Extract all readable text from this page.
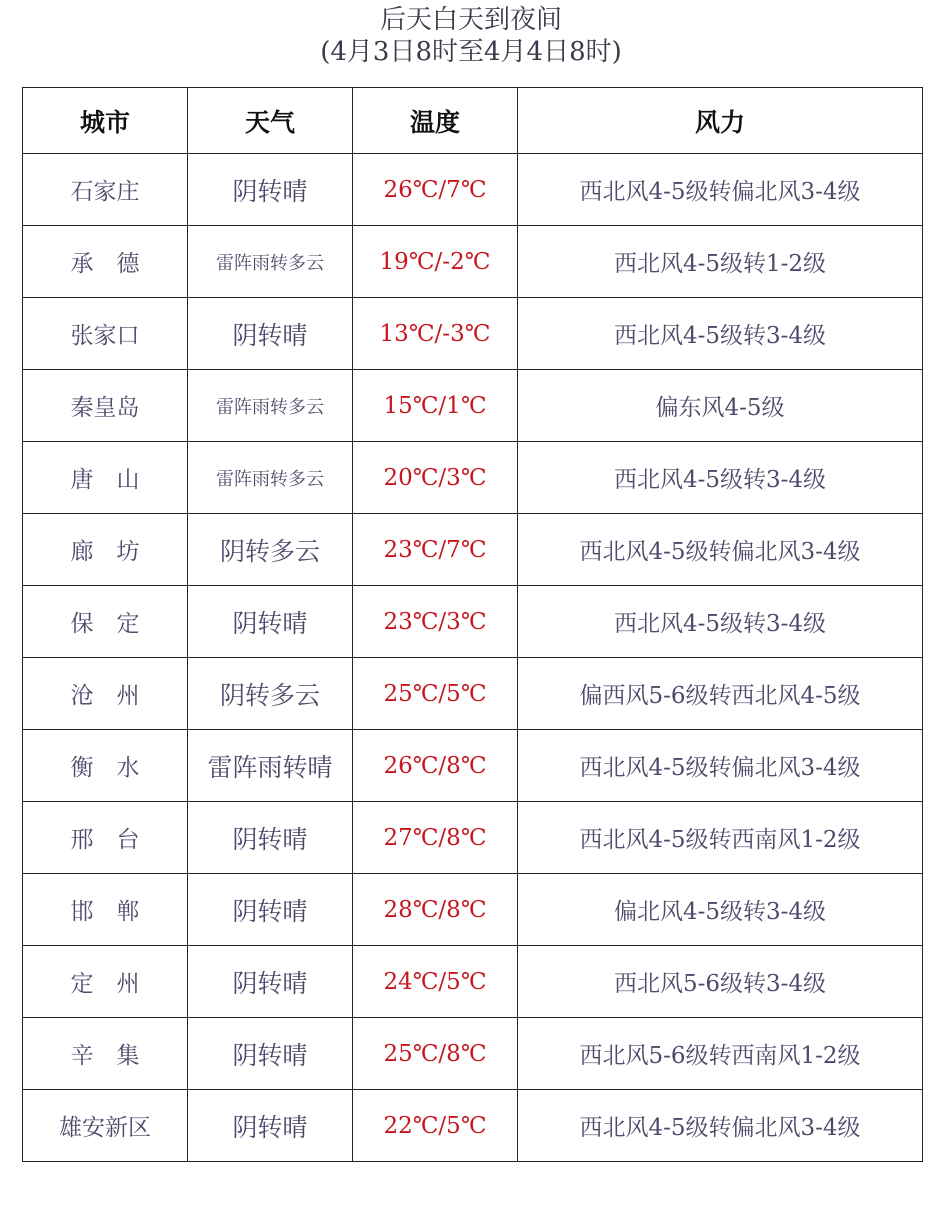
后天白天到夜间
(4月3日8时至4月4日8时)
城市	天气	温度	风力
石家庄	阴转晴	26℃/7℃	西北风4-5级转偏北风3-4级
承　德	雷阵雨转多云	19℃/-2℃	西北风4-5级转1-2级
张家口	阴转晴	13℃/-3℃	西北风4-5级转3-4级
秦皇岛	雷阵雨转多云	15℃/1℃	偏东风4-5级
唐　山	雷阵雨转多云	20℃/3℃	西北风4-5级转3-4级
廊　坊	阴转多云	23℃/7℃	西北风4-5级转偏北风3-4级
保　定	阴转晴	23℃/3℃	西北风4-5级转3-4级
沧　州	阴转多云	25℃/5℃	偏西风5-6级转西北风4-5级
衡　水	雷阵雨转晴	26℃/8℃	西北风4-5级转偏北风3-4级
邢　台	阴转晴	27℃/8℃	西北风4-5级转西南风1-2级
邯　郸	阴转晴	28℃/8℃	偏北风4-5级转3-4级
定　州	阴转晴	24℃/5℃	西北风5-6级转3-4级
辛　集	阴转晴	25℃/8℃	西北风5-6级转西南风1-2级
雄安新区	阴转晴	22℃/5℃	西北风4-5级转偏北风3-4级
